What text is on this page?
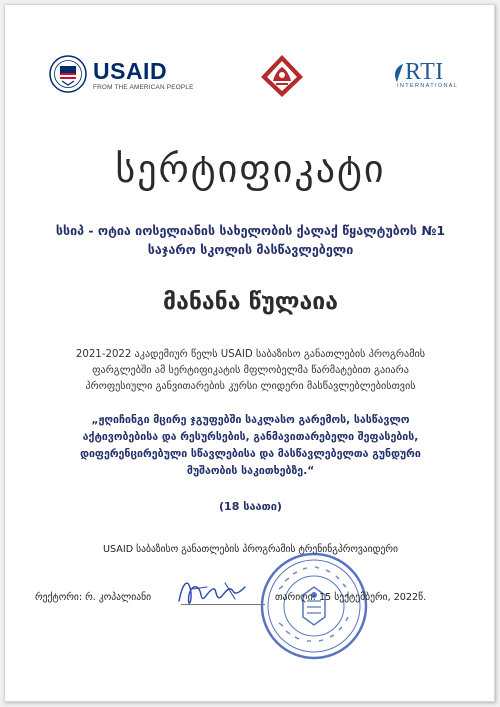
USAID
FROM THE AMERICAN PEOPLE
RTI
INTERNATIONAL
სერტიფიკატი
სსიპ - ოტია იოსელიანის სახელობის ქალაქ წყალტუბოს №1
საჯარო სკოლის მასწავლებელი
მანანა წულაია
2021-2022 აკადემიურ წელს USAID საბაზისო განათლების პროგრამის
ფარგლებში ამ სერტიფიკატის მფლობელმა წარმატებით გაიარა
პროფესიული განვითარების კურსი ლიდერი მასწავლებლებისთვის
„ჟღიჩინგი მცირე ჯგუფებში საკლასო გარემოს, სასწავლო
აქტივობებისა და რესურსების, განმავითარებელი შეფასების,
დიფერენცირებული სწავლებისა და მასწავლებელთა გუნდური
მუშაობის საკითხებზე.“
(18 საათი)
USAID საბაზისო განათლების პროგრამის ტრენინგპროვაიდერი
რექტორი: რ. კოპალიანი	თარიღი: 15 სექტემბერი, 2022წ.
